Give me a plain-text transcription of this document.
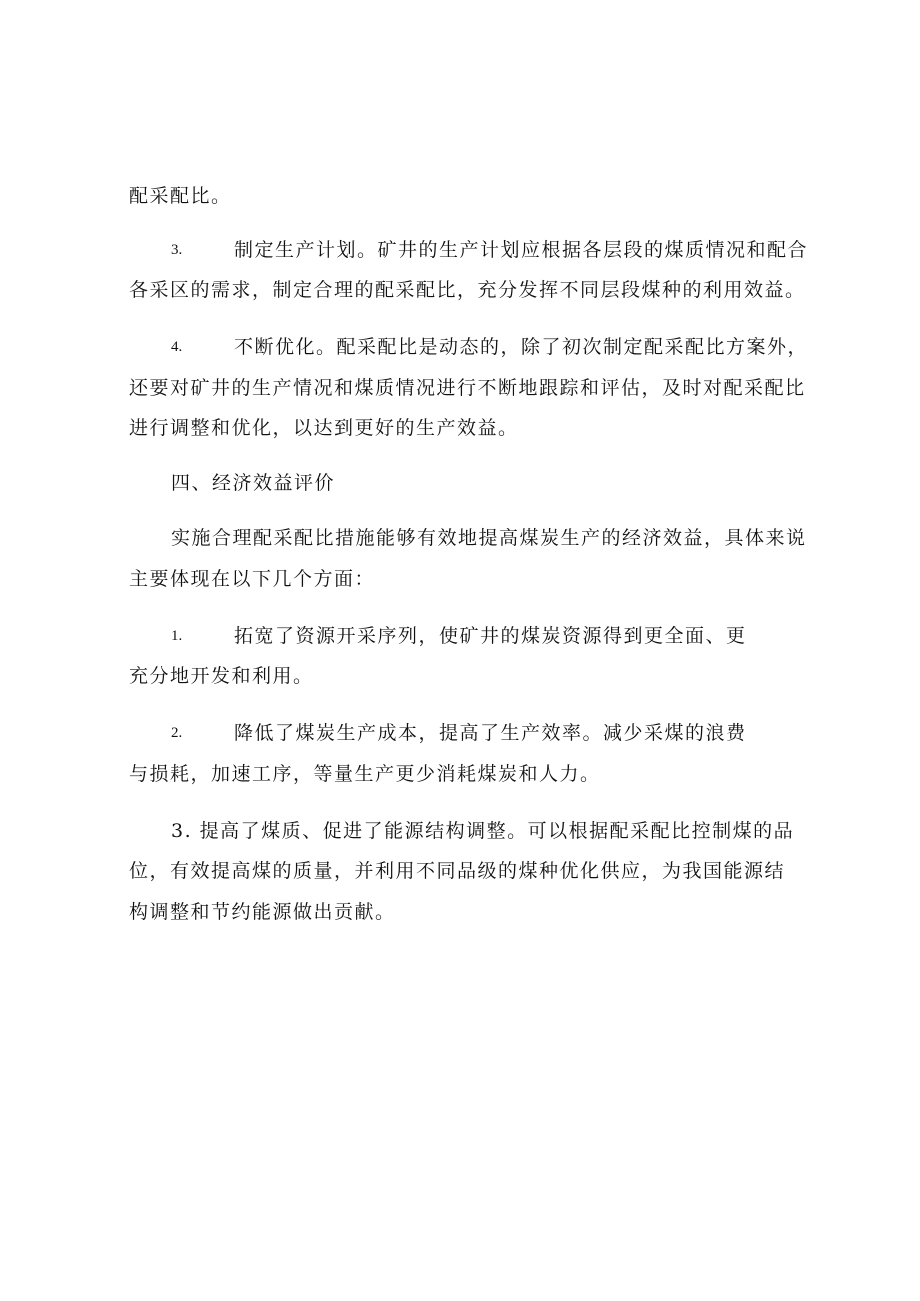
配采配比。
3.	制定生产计划。矿井的生产计划应根据各层段的煤质情况和配合
各采区的需求，制定合理的配采配比，充分发挥不同层段煤种的利用效益。
4.	不断优化。配采配比是动态的，除了初次制定配采配比方案外，
还要对矿井的生产情况和煤质情况进行不断地跟踪和评估，及时对配采配比
进行调整和优化，以达到更好的生产效益。
四、经济效益评价
实施合理配采配比措施能够有效地提高煤炭生产的经济效益，具体来说
主要体现在以下几个方面：
1.	拓宽了资源开采序列，使矿井的煤炭资源得到更全面、更
充分地开发和利用。
2.	降低了煤炭生产成本，提高了生产效率。减少采煤的浪费
与损耗，加速工序，等量生产更少消耗煤炭和人力。
3. 提高了煤质、促进了能源结构调整。可以根据配采配比控制煤的品
位，有效提高煤的质量，并利用不同品级的煤种优化供应，为我国能源结
构调整和节约能源做出贡献。
